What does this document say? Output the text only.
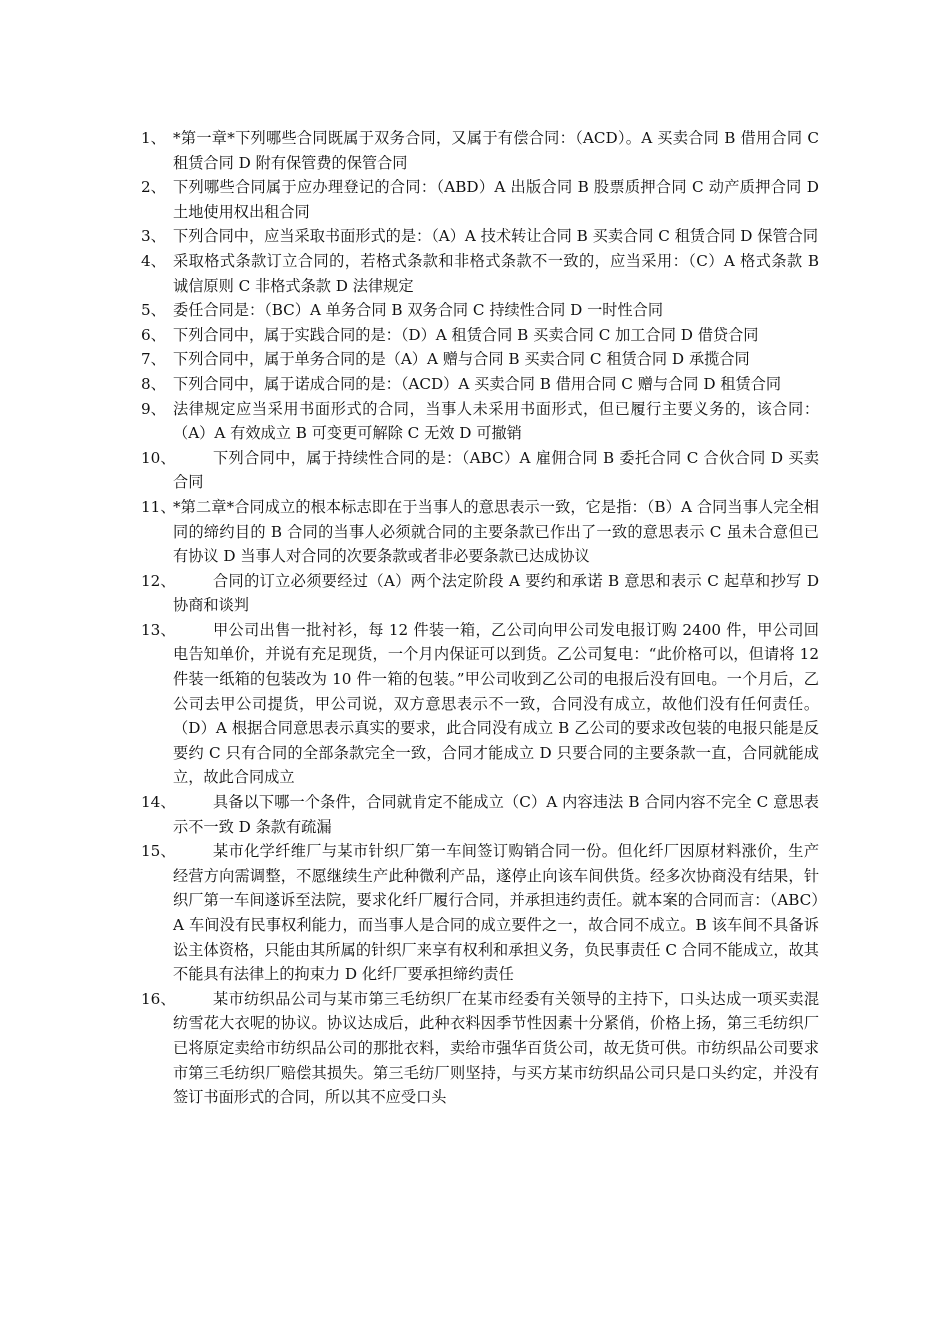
1、 *第一章*下列哪些合同既属于双务合同，又属于有偿合同：（ACD）。A 买卖合同 B 借用合同 C 租赁合同 D 附有保管费的保管合同
2、 下列哪些合同属于应办理登记的合同：（ABD）A 出版合同 B 股票质押合同 C 动产质押合同 D 土地使用权出租合同
3、 下列合同中，应当采取书面形式的是：（A）A 技术转让合同 B 买卖合同 C 租赁合同 D 保管合同
4、 采取格式条款订立合同的，若格式条款和非格式条款不一致的，应当采用：（C）A 格式条款 B 诚信原则 C 非格式条款 D 法律规定
5、 委任合同是：（BC）A 单务合同 B 双务合同 C 持续性合同 D 一时性合同
6、 下列合同中，属于实践合同的是：（D）A 租赁合同 B 买卖合同 C 加工合同 D 借贷合同
7、 下列合同中，属于单务合同的是（A）A 赠与合同 B 买卖合同 C 租赁合同 D 承揽合同
8、 下列合同中，属于诺成合同的是：（ACD）A 买卖合同 B 借用合同 C 赠与合同 D 租赁合同
9、 法律规定应当采用书面形式的合同，当事人未采用书面形式，但已履行主要义务的，该合同：（A）A 有效成立 B 可变更可解除 C 无效 D 可撤销
10、	下列合同中，属于持续性合同的是：（ABC）A 雇佣合同 B 委托合同 C 合伙合同 D 买卖合同
11、
*第二章*合同成立的根本标志即在于当事人的意思表示一致，它是指：（B）A 合同当事人完全相同的缔约目的 B 合同的当事人必须就合同的主要条款已作出了一致的意思表示 C 虽未合意但已有协议 D 当事人对合同的次要条款或者非必要条款已达成协议
12、	合同的订立必须要经过（A）两个法定阶段 A 要约和承诺 B 意思和表示 C 起草和抄写 D 协商和谈判
13、	甲公司出售一批衬衫，每 12 件装一箱，乙公司向甲公司发电报订购 2400 件，甲公司回电告知单价，并说有充足现货，一个月内保证可以到货。乙公司复电：“此价格可以，但请将 12 件装一纸箱的包装改为 10 件一箱的包装。”甲公司收到乙公司的电报后没有回电。一个月后，乙公司去甲公司提货，甲公司说，双方意思表示不一致，合同没有成立，故他们没有任何责任。（D）A 根据合同意思表示真实的要求，此合同没有成立 B 乙公司的要求改包装的电报只能是反要约 C 只有合同的全部条款完全一致，合同才能成立 D 只要合同的主要条款一直，合同就能成立，故此合同成立
14、	具备以下哪一个条件，合同就肯定不能成立（C）A 内容违法 B 合同内容不完全 C 意思表示不一致 D 条款有疏漏
15、	某市化学纤维厂与某市针织厂第一车间签订购销合同一份。但化纤厂因原材料涨价，生产经营方向需调整，不愿继续生产此种微利产品，遂停止向该车间供货。经多次协商没有结果，针织厂第一车间遂诉至法院，要求化纤厂履行合同，并承担违约责任。就本案的合同而言：（ABC）A 车间没有民事权利能力，而当事人是合同的成立要件之一，故合同不成立。B 该车间不具备诉讼主体资格，只能由其所属的针织厂来享有权利和承担义务，负民事责任 C 合同不能成立，故其不能具有法律上的拘束力 D 化纤厂要承担缔约责任
16、	某市纺织品公司与某市第三毛纺织厂在某市经委有关领导的主持下，口头达成一项买卖混纺雪花大衣呢的协议。协议达成后，此种衣料因季节性因素十分紧俏，价格上扬，第三毛纺织厂已将原定卖给市纺织品公司的那批衣料，卖给市强华百货公司，故无货可供。市纺织品公司要求市第三毛纺织厂赔偿其损失。第三毛纺厂则坚持，与买方某市纺织品公司只是口头约定，并没有签订书面形式的合同，所以其不应受口头
